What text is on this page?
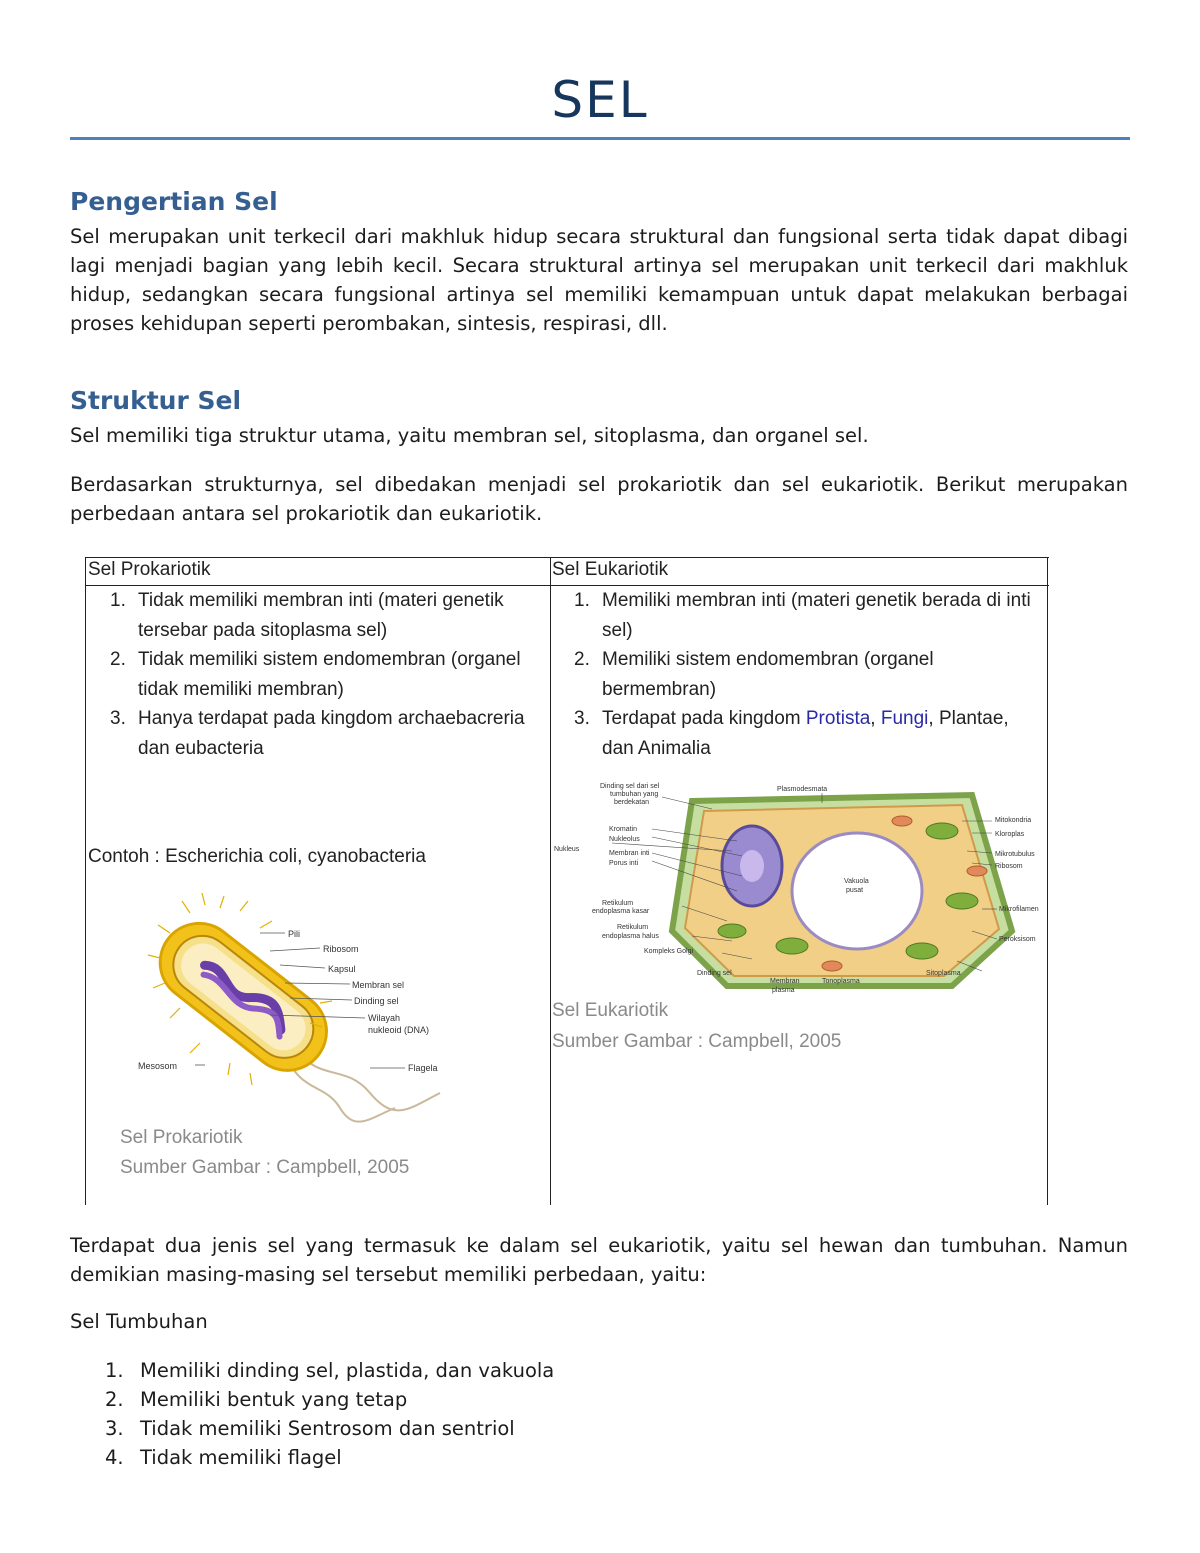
SEL
Pengertian Sel

Sel merupakan unit terkecil dari makhluk hidup secara struktural dan fungsional serta tidak dapat dibagi lagi menjadi bagian yang lebih kecil. Secara struktural artinya sel merupakan unit terkecil dari makhluk hidup, sedangkan secara fungsional artinya sel memiliki kemampuan untuk dapat melakukan berbagai proses kehidupan seperti perombakan, sintesis, respirasi, dll.

Struktur Sel

Sel memiliki tiga struktur utama, yaitu membran sel, sitoplasma, dan organel sel.

Berdasarkan strukturnya, sel dibedakan menjadi sel prokariotik dan sel eukariotik. Berikut merupakan perbedaan antara sel prokariotik dan eukariotik.

Sel Prokariotik	Sel Eukariotik
1. Tidak memiliki membran inti (materi genetik tersebar pada sitoplasma sel)
2. Tidak memiliki sistem endomembran (organel tidak memiliki membran)
3. Hanya terdapat pada kingdom archaebacreria dan eubacteria
Contoh : Escherichia coli, cyanobacteria
Pili
Ribosom
Kapsul
Membran sel
Dinding sel
Wilayah
nukleoid (DNA)
Mesosom	Flagela
Sel Prokariotik
Sumber Gambar : Campbell, 2005
1. Memiliki membran inti (materi genetik berada di inti sel)
2. Memiliki sistem endomembran (organel bermembran)
3. Terdapat pada kingdom Protista, Fungi, Plantae, dan Animalia
Dinding sel dari sel
tumbuhan yang
berdekatan
Plasmodesmata
Nukleus
Kromatin
Nukleolus
Membran inti
Porus inti
Mitokondria
Kloroplas
Mikrotubulus
Ribosom
Vakuola
pusat
Retikulum
endoplasma kasar
Retikulum
endoplasma halus
Kompleks Golgi
Mikrofilamen
Peroksisom
Dinding sel
Membran
plasma
Tonoplasma
Sitoplasma
Sel Eukariotik
Sumber Gambar : Campbell, 2005

Terdapat dua jenis sel yang termasuk ke dalam sel eukariotik, yaitu sel hewan dan tumbuhan. Namun demikian masing-masing sel tersebut memiliki perbedaan, yaitu:

Sel Tumbuhan

1. Memiliki dinding sel, plastida, dan vakuola
2. Memiliki bentuk yang tetap
3. Tidak memiliki Sentrosom dan sentriol
4. Tidak memiliki flagel
